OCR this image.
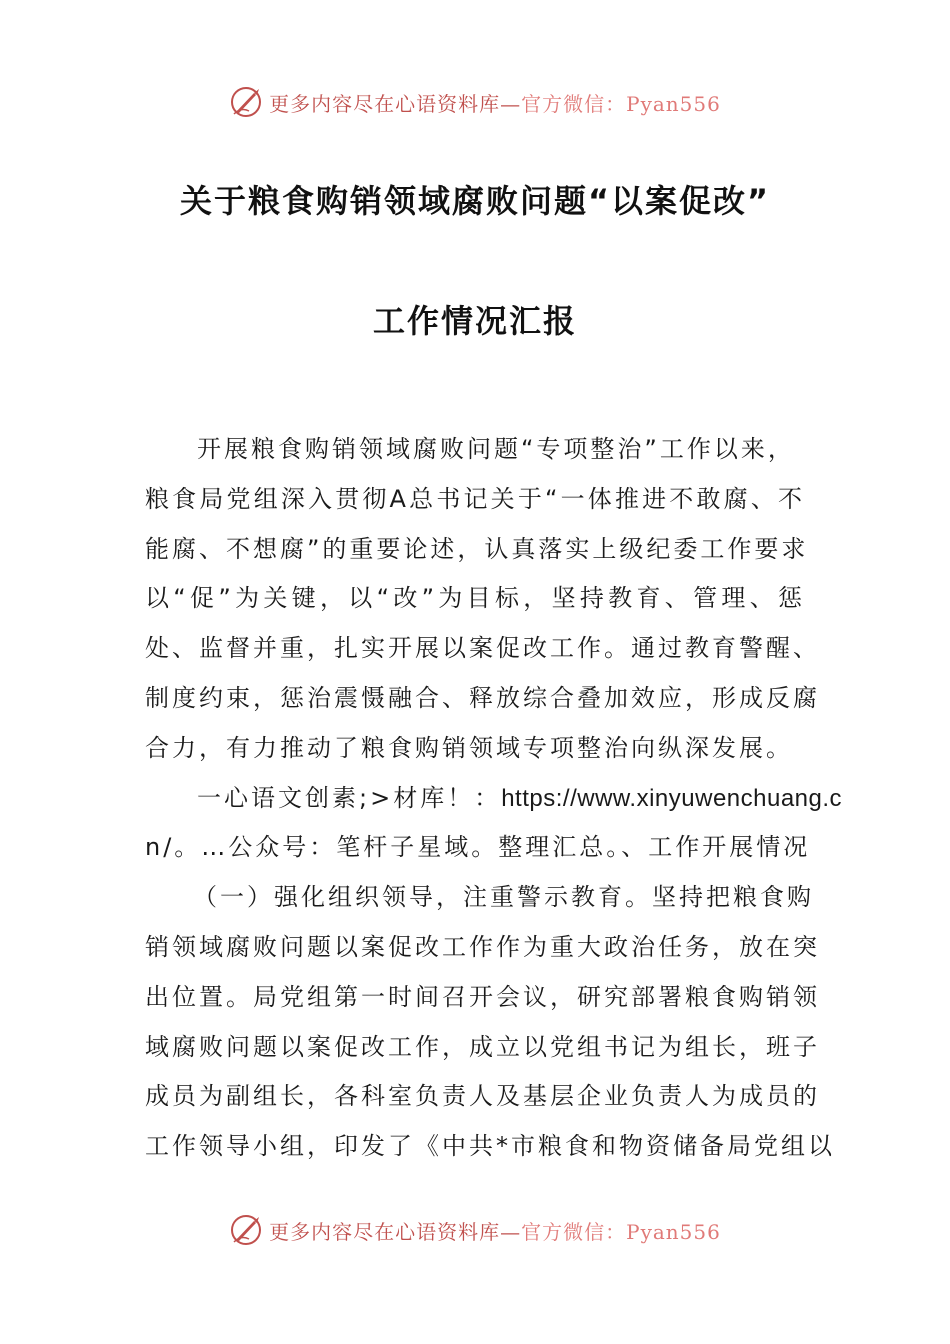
更多内容尽在心语资料库—官方微信：Pyan556
关于粮食购销领域腐败问题“以案促改”
工作情况汇报
开展粮食购销领域腐败问题“专项整治”工作以来，
粮食局党组深入贯彻A总书记关于“一体推进不敢腐、不
能腐、不想腐”的重要论述，认真落实上级纪委工作要求
以“促”为关键，以“改”为目标，坚持教育、管理、惩
处、监督并重，扎实开展以案促改工作。通过教育警醒、
制度约束，惩治震慑融合、释放综合叠加效应，形成反腐
合力，有力推动了粮食购销领域专项整治向纵深发展。
一心语文创素;>材库！：https://www.xinyuwenchuang.c
n/。…公众号：笔杆子星域。整理汇总。、工作开展情况
（一）强化组织领导，注重警示教育。坚持把粮食购
销领域腐败问题以案促改工作作为重大政治任务，放在突
出位置。局党组第一时间召开会议，研究部署粮食购销领
域腐败问题以案促改工作，成立以党组书记为组长，班子
成员为副组长，各科室负责人及基层企业负责人为成员的
工作领导小组，印发了《中共*市粮食和物资储备局党组以
更多内容尽在心语资料库—官方微信：Pyan556
